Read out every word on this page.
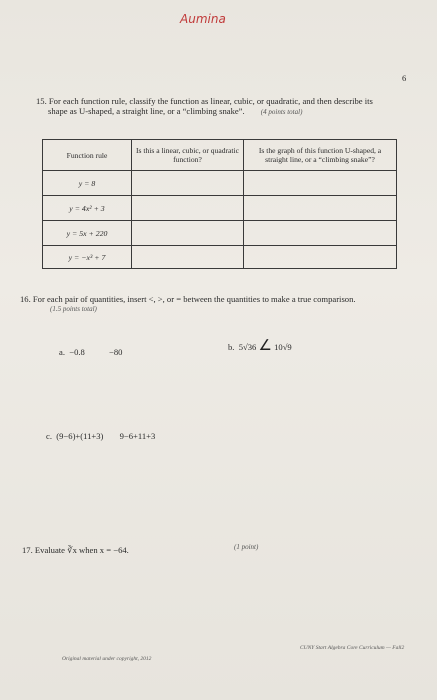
Aumina
6
15. For each function rule, classify the function as linear, cubic, or quadratic, and then describe its
shape as U-shaped, a straight line, or a “climbing snake”. (4 points total)
Function rule	Is this a linear, cubic, or quadratic function?	Is the graph of this function U-shaped, a straight line, or a “climbing snake”?
y = 8		
y = 4x² + 3		
y = 5x + 220		
y = −x³ + 7		
16. For each pair of quantities, insert <, >, or = between the quantities to make a true comparison.
(1.5 points total)
a. −0.8	−80	b. 5√36 ∠ 10√9
c. (9−6)+(11+3) 9−6+11+3
17. Evaluate ∛x when x = −64.	(1 point)
Original material under copyright, 2012
CUNY Start Algebra Core Curriculum — Fall2
